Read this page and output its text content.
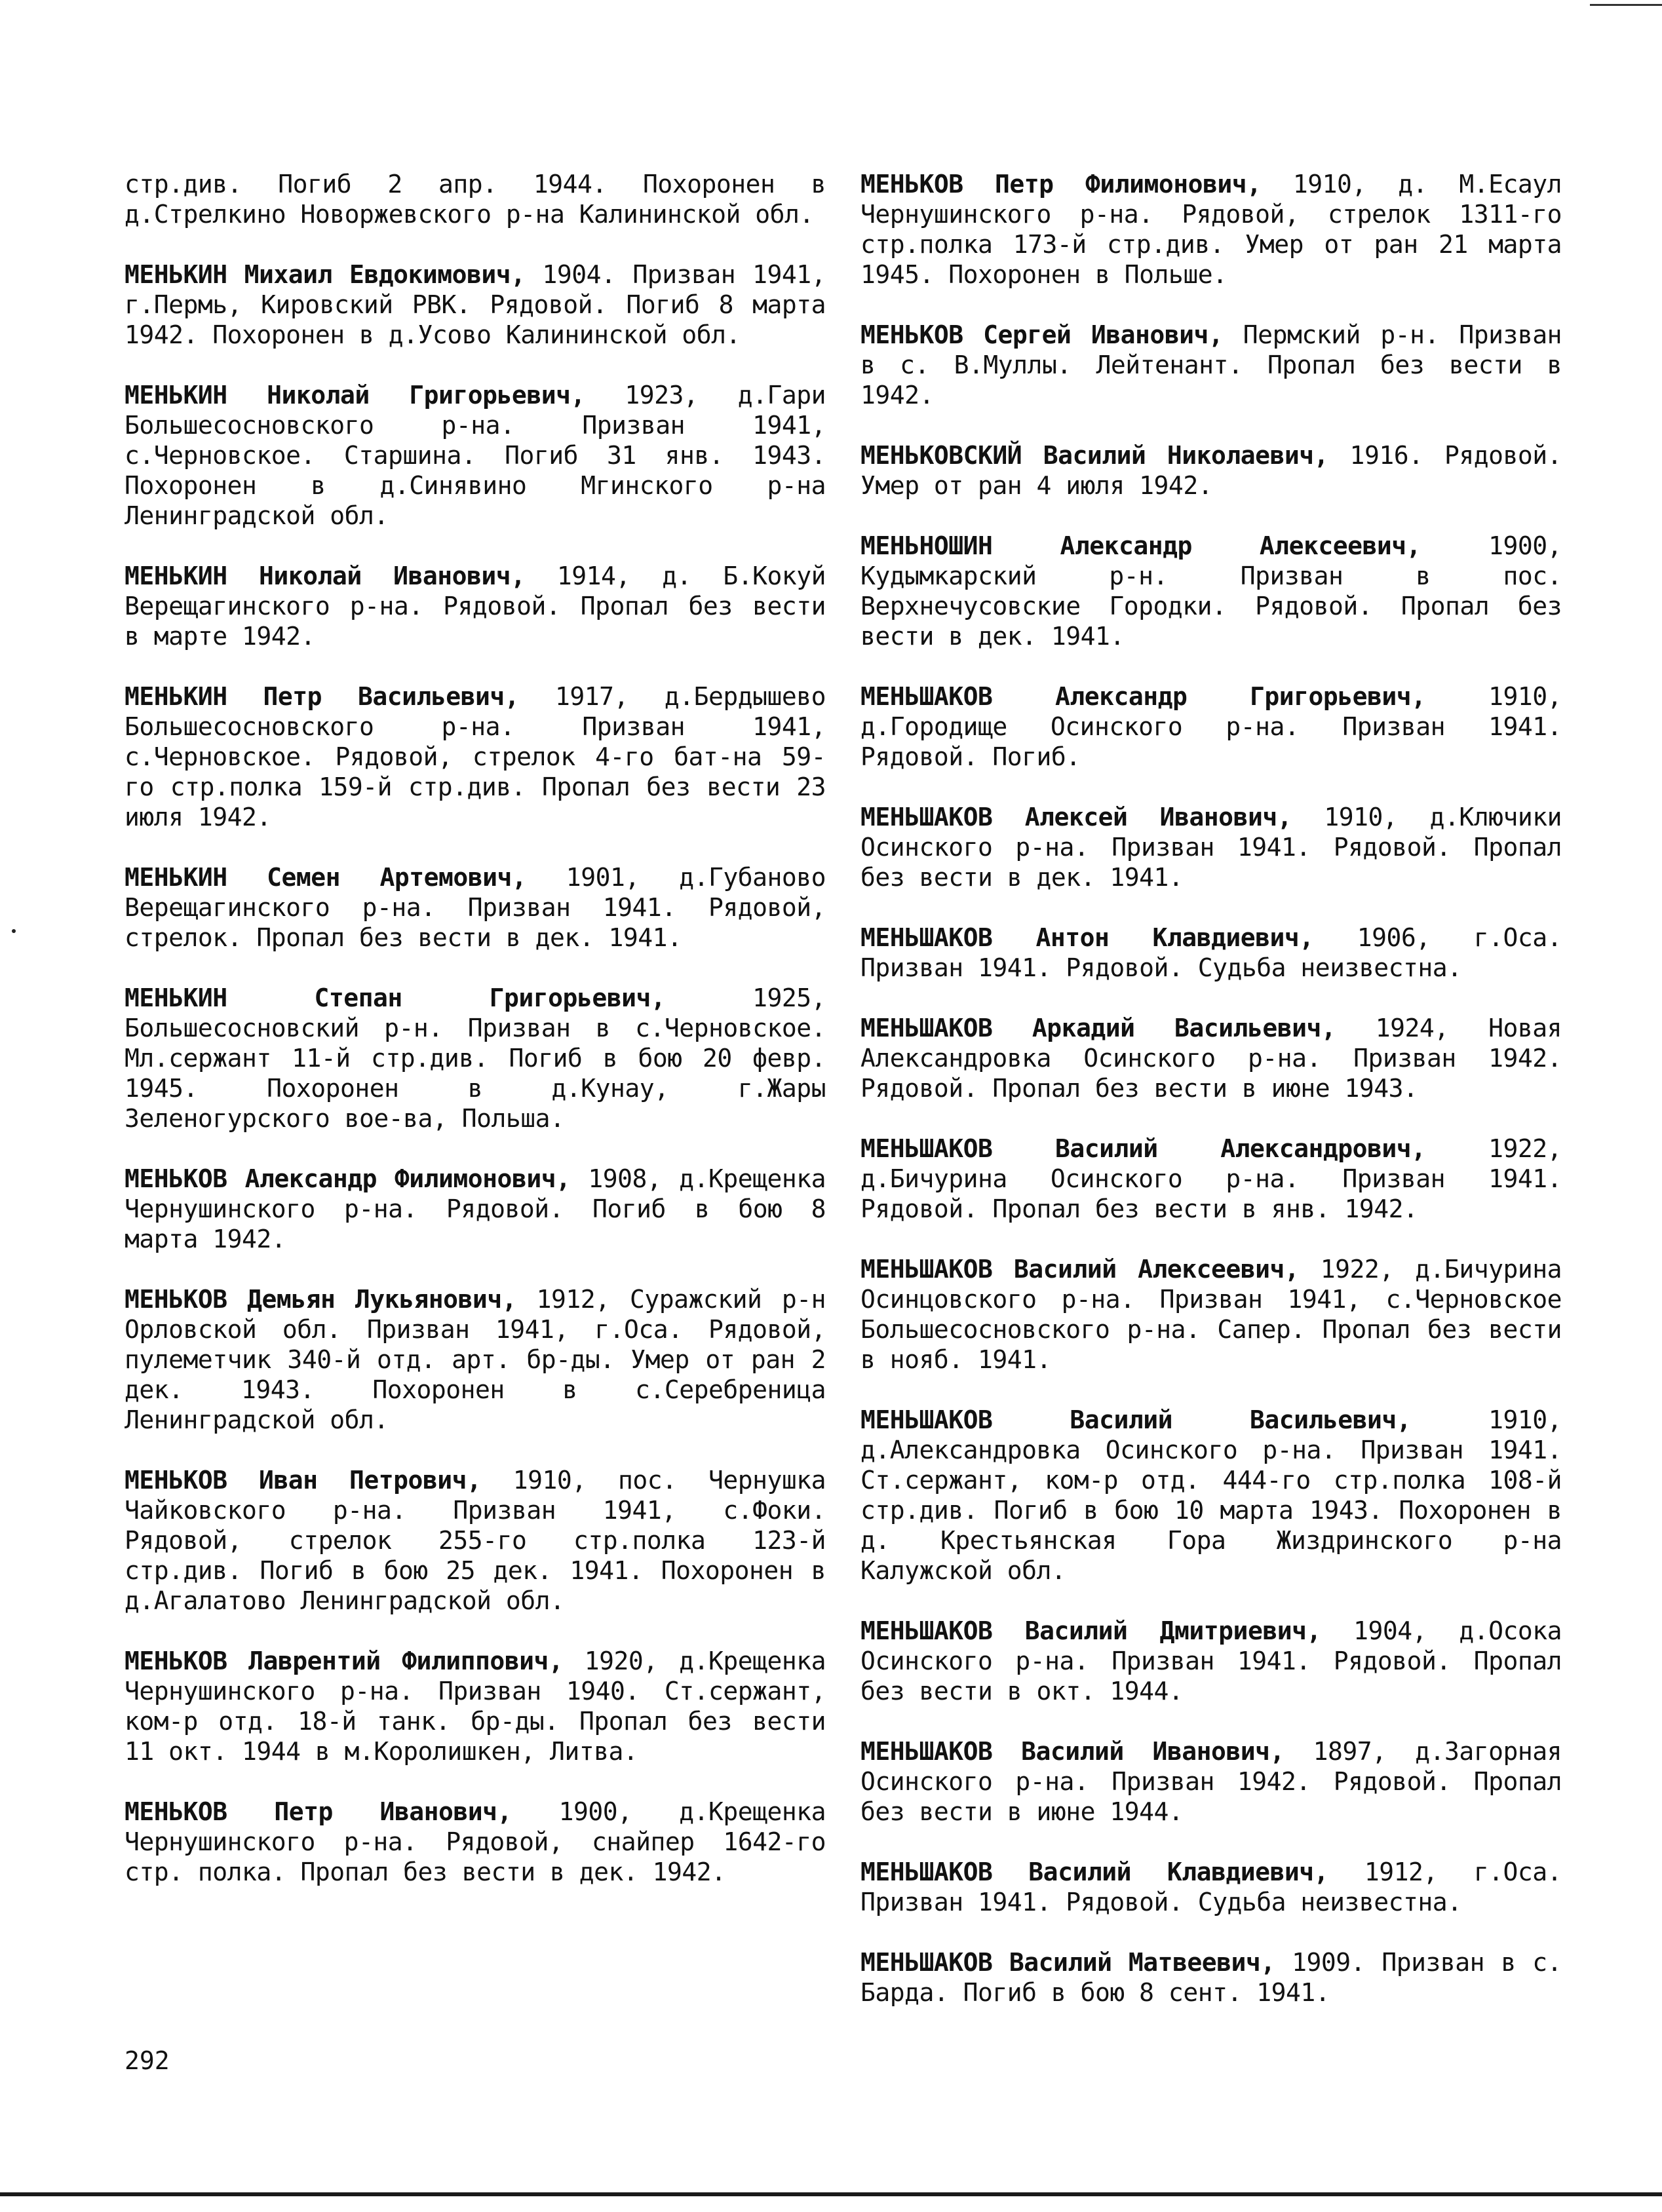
стр.див. Погиб 2 апр. 1944. Похоронен в д.Стрелкино Новоржевского р-на Калининской обл.

МЕНЬКИН Михаил Евдокимович, 1904. Призван 1941, г.Пермь, Кировский РВК. Рядовой. Погиб 8 марта 1942. Похоронен в д.Усово Калининской обл.

МЕНЬКИН Николай Григорьевич, 1923, д.Гари Большесосновского р-на. Призван 1941, с.Черновское. Старшина. Погиб 31 янв. 1943. Похоронен в д.Синявино Мгинского р-на Ленинградской обл.

МЕНЬКИН Николай Иванович, 1914, д. Б.Кокуй Верещагинского р-на. Рядовой. Пропал без вести в марте 1942.

МЕНЬКИН Петр Васильевич, 1917, д.Бердышево Большесосновского р-на. Призван 1941, с.Черновское. Рядовой, стрелок 4-го бат-на 59-го стр.полка 159-й стр.див. Пропал без вести 23 июля 1942.

МЕНЬКИН Семен Артемович, 1901, д.Губаново Верещагинского р-на. Призван 1941. Рядовой, стрелок. Пропал без вести в дек. 1941.

МЕНЬКИН Степан Григорьевич, 1925, Большесосновский р-н. Призван в с.Черновское. Мл.сержант 11-й стр.див. Погиб в бою 20 февр. 1945. Похоронен в д.Кунау, г.Жары Зеленогурского вое-ва, Польша.

МЕНЬКОВ Александр Филимонович, 1908, д.Крещенка Чернушинского р-на. Рядовой. Погиб в бою 8 марта 1942.

МЕНЬКОВ Демьян Лукьянович, 1912, Суражский р-н Орловской обл. Призван 1941, г.Оса. Рядовой, пулеметчик 340-й отд. арт. бр-ды. Умер от ран 2 дек. 1943. Похоронен в с.Серебреница Ленинградской обл.

МЕНЬКОВ Иван Петрович, 1910, пос. Чернушка Чайковского р-на. Призван 1941, с.Фоки. Рядовой, стрелок 255-го стр.полка 123-й стр.див. Погиб в бою 25 дек. 1941. Похоронен в д.Агалатово Ленинградской обл.

МЕНЬКОВ Лаврентий Филиппович, 1920, д.Крещенка Чернушинского р-на. Призван 1940. Ст.сержант, ком-р отд. 18-й танк. бр-ды. Пропал без вести 11 окт. 1944 в м.Королишкен, Литва.

МЕНЬКОВ Петр Иванович, 1900, д.Крещенка Чернушинского р-на. Рядовой, снайпер 1642-го стр. полка. Пропал без вести в дек. 1942.

МЕНЬКОВ Петр Филимонович, 1910, д. М.Есаул Чернушинского р-на. Рядовой, стрелок 1311-го стр.полка 173-й стр.див. Умер от ран 21 марта 1945. Похоронен в Польше.

МЕНЬКОВ Сергей Иванович, Пермский р-н. Призван в с. В.Муллы. Лейтенант. Пропал без вести в 1942.

МЕНЬКОВСКИЙ Василий Николаевич, 1916. Рядовой. Умер от ран 4 июля 1942.

МЕНЬНОШИН Александр Алексеевич, 1900, Кудымкарский р-н. Призван в пос. Верхнечусовские Городки. Рядовой. Пропал без вести в дек. 1941.

МЕНЬШАКОВ Александр Григорьевич, 1910, д.Городище Осинского р-на. Призван 1941. Рядовой. Погиб.

МЕНЬШАКОВ Алексей Иванович, 1910, д.Ключики Осинского р-на. Призван 1941. Рядовой. Пропал без вести в дек. 1941.

МЕНЬШАКОВ Антон Клавдиевич, 1906, г.Оса. Призван 1941. Рядовой. Судьба неизвестна.

МЕНЬШАКОВ Аркадий Васильевич, 1924, Новая Александровка Осинского р-на. Призван 1942. Рядовой. Пропал без вести в июне 1943.

МЕНЬШАКОВ Василий Александрович, 1922, д.Бичурина Осинского р-на. Призван 1941. Рядовой. Пропал без вести в янв. 1942.

МЕНЬШАКОВ Василий Алексеевич, 1922, д.Бичурина Осинцовского р-на. Призван 1941, с.Черновское Большесосновского р-на. Сапер. Пропал без вести в нояб. 1941.

МЕНЬШАКОВ Василий Васильевич, 1910, д.Александровка Осинского р-на. Призван 1941. Ст.сержант, ком-р отд. 444-го стр.полка 108-й стр.див. Погиб в бою 10 марта 1943. Похоронен в д. Крестьянская Гора Жиздринского р-на Калужской обл.

МЕНЬШАКОВ Василий Дмитриевич, 1904, д.Осока Осинского р-на. Призван 1941. Рядовой. Пропал без вести в окт. 1944.

МЕНЬШАКОВ Василий Иванович, 1897, д.Загорная Осинского р-на. Призван 1942. Рядовой. Пропал без вести в июне 1944.

МЕНЬШАКОВ Василий Клавдиевич, 1912, г.Оса. Призван 1941. Рядовой. Судьба неизвестна.

МЕНЬШАКОВ Василий Матвеевич, 1909. Призван в с. Барда. Погиб в бою 8 сент. 1941.

292
